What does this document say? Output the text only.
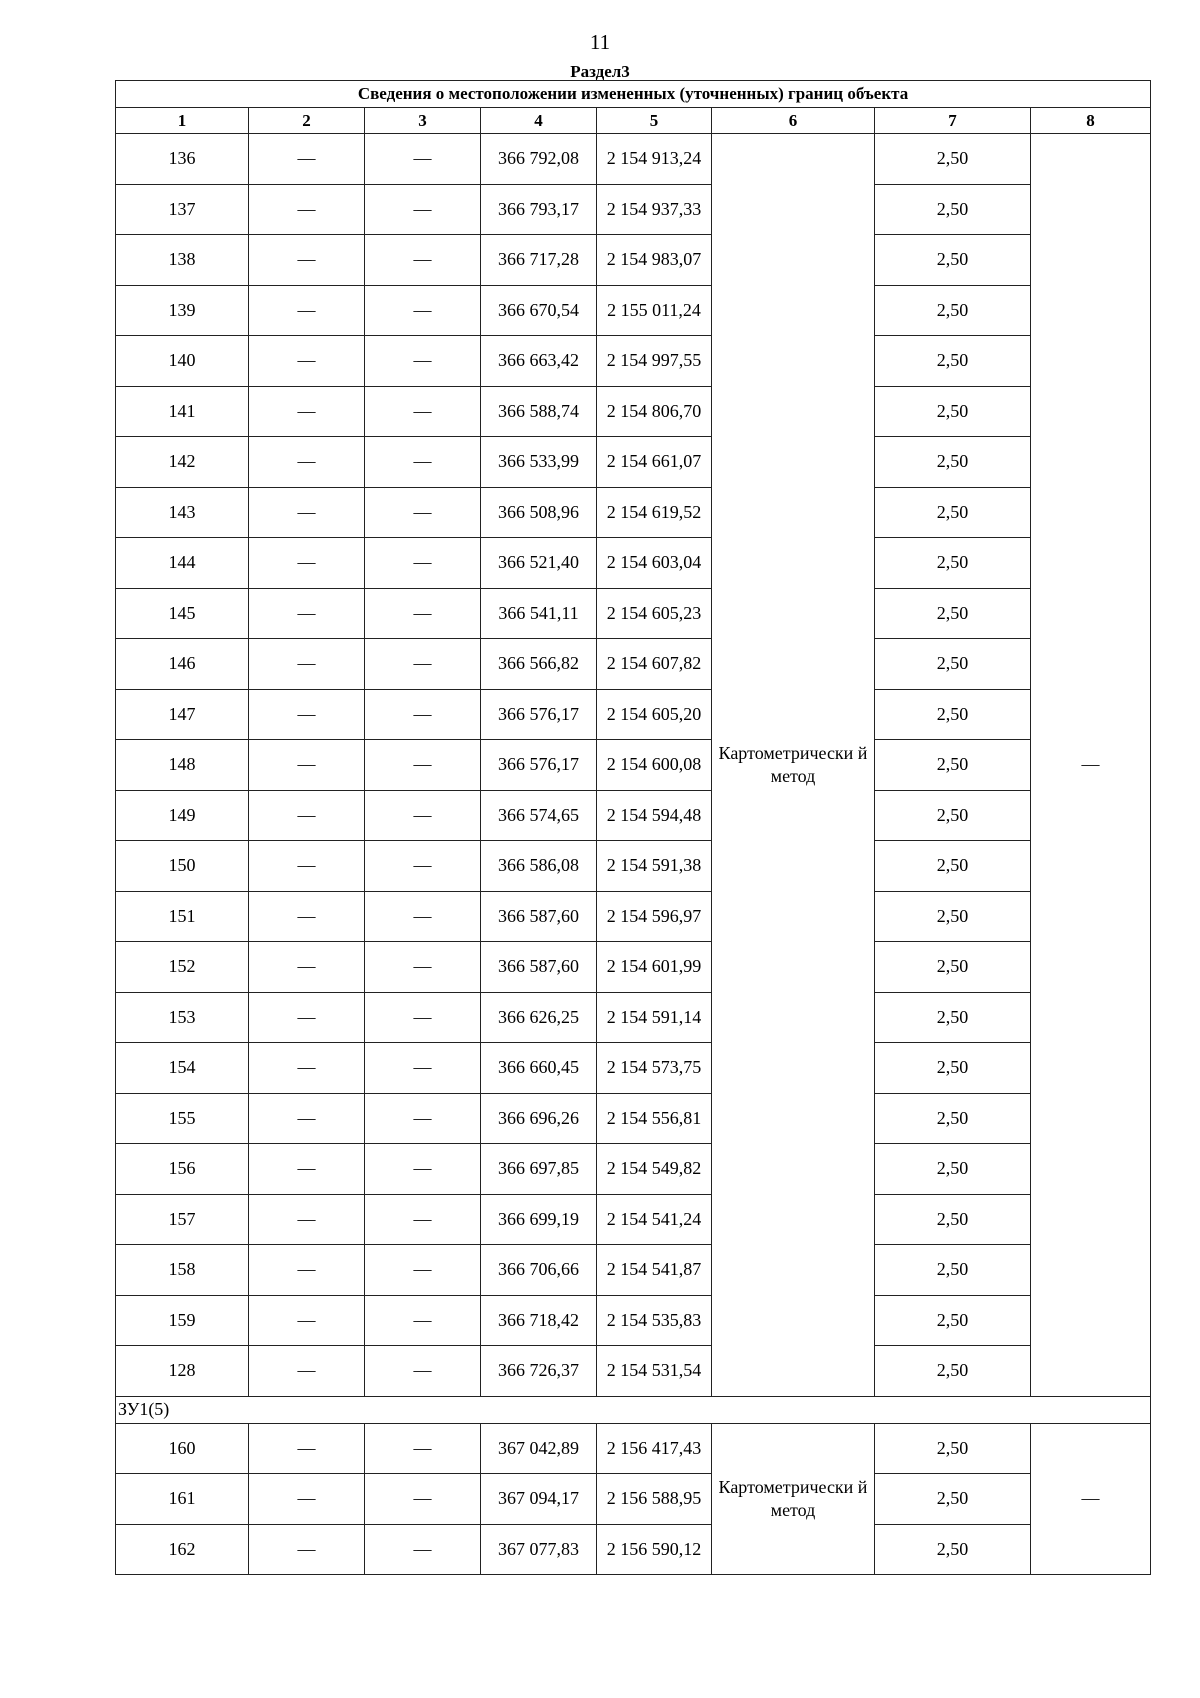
11
Раздел3
Сведения о местоположении измененных (уточненных) границ объекта							
1	2	3	4	5	6	7	8
136	—	—	366 792,08	2 154 913,24	Картометрически й метод	2,50	—
137	—	—	366 793,17	2 154 937,33		2,50	
138	—	—	366 717,28	2 154 983,07		2,50	
139	—	—	366 670,54	2 155 011,24		2,50	
140	—	—	366 663,42	2 154 997,55		2,50	
141	—	—	366 588,74	2 154 806,70		2,50	
142	—	—	366 533,99	2 154 661,07		2,50	
143	—	—	366 508,96	2 154 619,52		2,50	
144	—	—	366 521,40	2 154 603,04		2,50	
145	—	—	366 541,11	2 154 605,23		2,50	
146	—	—	366 566,82	2 154 607,82		2,50	
147	—	—	366 576,17	2 154 605,20		2,50	
148	—	—	366 576,17	2 154 600,08		2,50	
149	—	—	366 574,65	2 154 594,48		2,50	
150	—	—	366 586,08	2 154 591,38		2,50	
151	—	—	366 587,60	2 154 596,97		2,50	
152	—	—	366 587,60	2 154 601,99		2,50	
153	—	—	366 626,25	2 154 591,14		2,50	
154	—	—	366 660,45	2 154 573,75		2,50	
155	—	—	366 696,26	2 154 556,81		2,50	
156	—	—	366 697,85	2 154 549,82		2,50	
157	—	—	366 699,19	2 154 541,24		2,50	
158	—	—	366 706,66	2 154 541,87		2,50	
159	—	—	366 718,42	2 154 535,83		2,50	
128	—	—	366 726,37	2 154 531,54		2,50	
ЗУ1(5)							
160	—	—	367 042,89	2 156 417,43	Картометрически й метод	2,50	—
161	—	—	367 094,17	2 156 588,95		2,50	
162	—	—	367 077,83	2 156 590,12		2,50	
